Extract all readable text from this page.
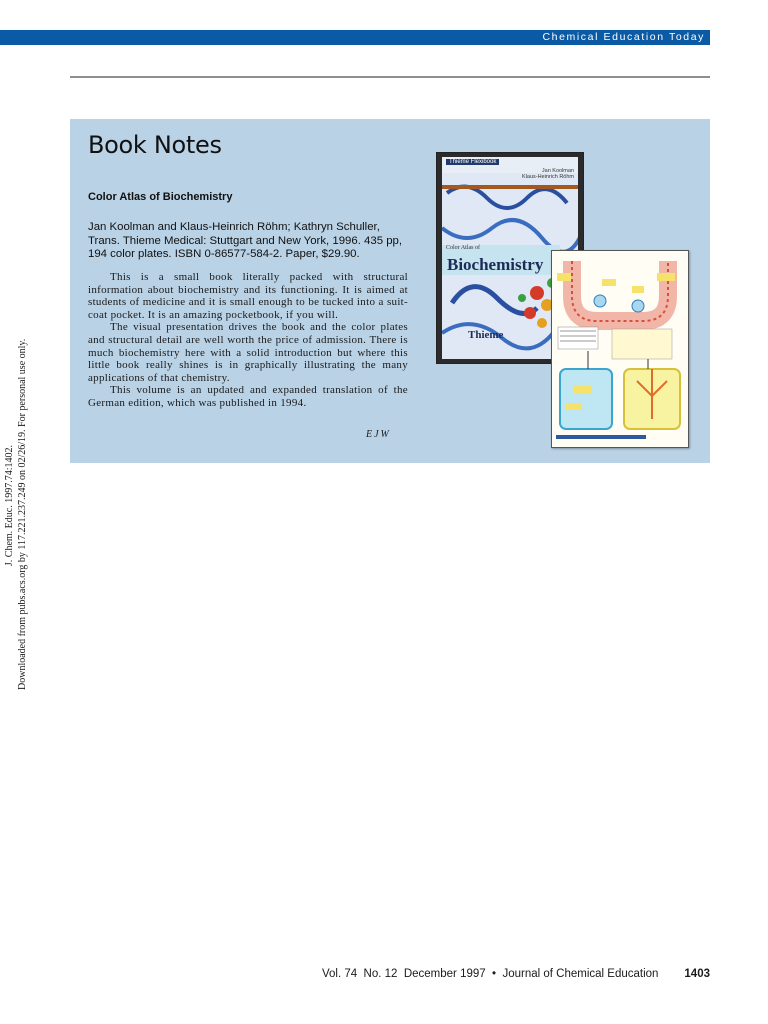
Chemical Education Today
J. Chem. Educ. 1997.74:1402. Downloaded from pubs.acs.org by 117.221.237.249 on 02/26/19. For personal use only.
Book Notes
Color Atlas of Biochemistry
Jan Koolman and Klaus-Heinrich Röhm; Kathryn Schuller, Trans. Thieme Medical: Stuttgart and New York, 1996. 435 pp, 194 color plates. ISBN 0-86577-584-2. Paper, $29.90.

This is a small book literally packed with structural information about biochemistry and its functioning. It is aimed at students of medicine and it is small enough to be tucked into a suit-coat pocket. It is an amazing pocketbook, if you will.

The visual presentation drives the book and the color plates and structural detail are well worth the price of admission. There is much biochemistry here with a solid introduction but where this little book really shines is in graphically illustrating the many applications of that chemistry.

This volume is an updated and expanded translation of the German edition, which was published in 1994.

EJW
Thieme Flexibook
Jan Koolman
Klaus-Heinrich Röhm
Color Atlas of
Biochemistry
Thieme
Vol. 74  No. 12  December 1997  •  Journal of Chemical Education 1403
